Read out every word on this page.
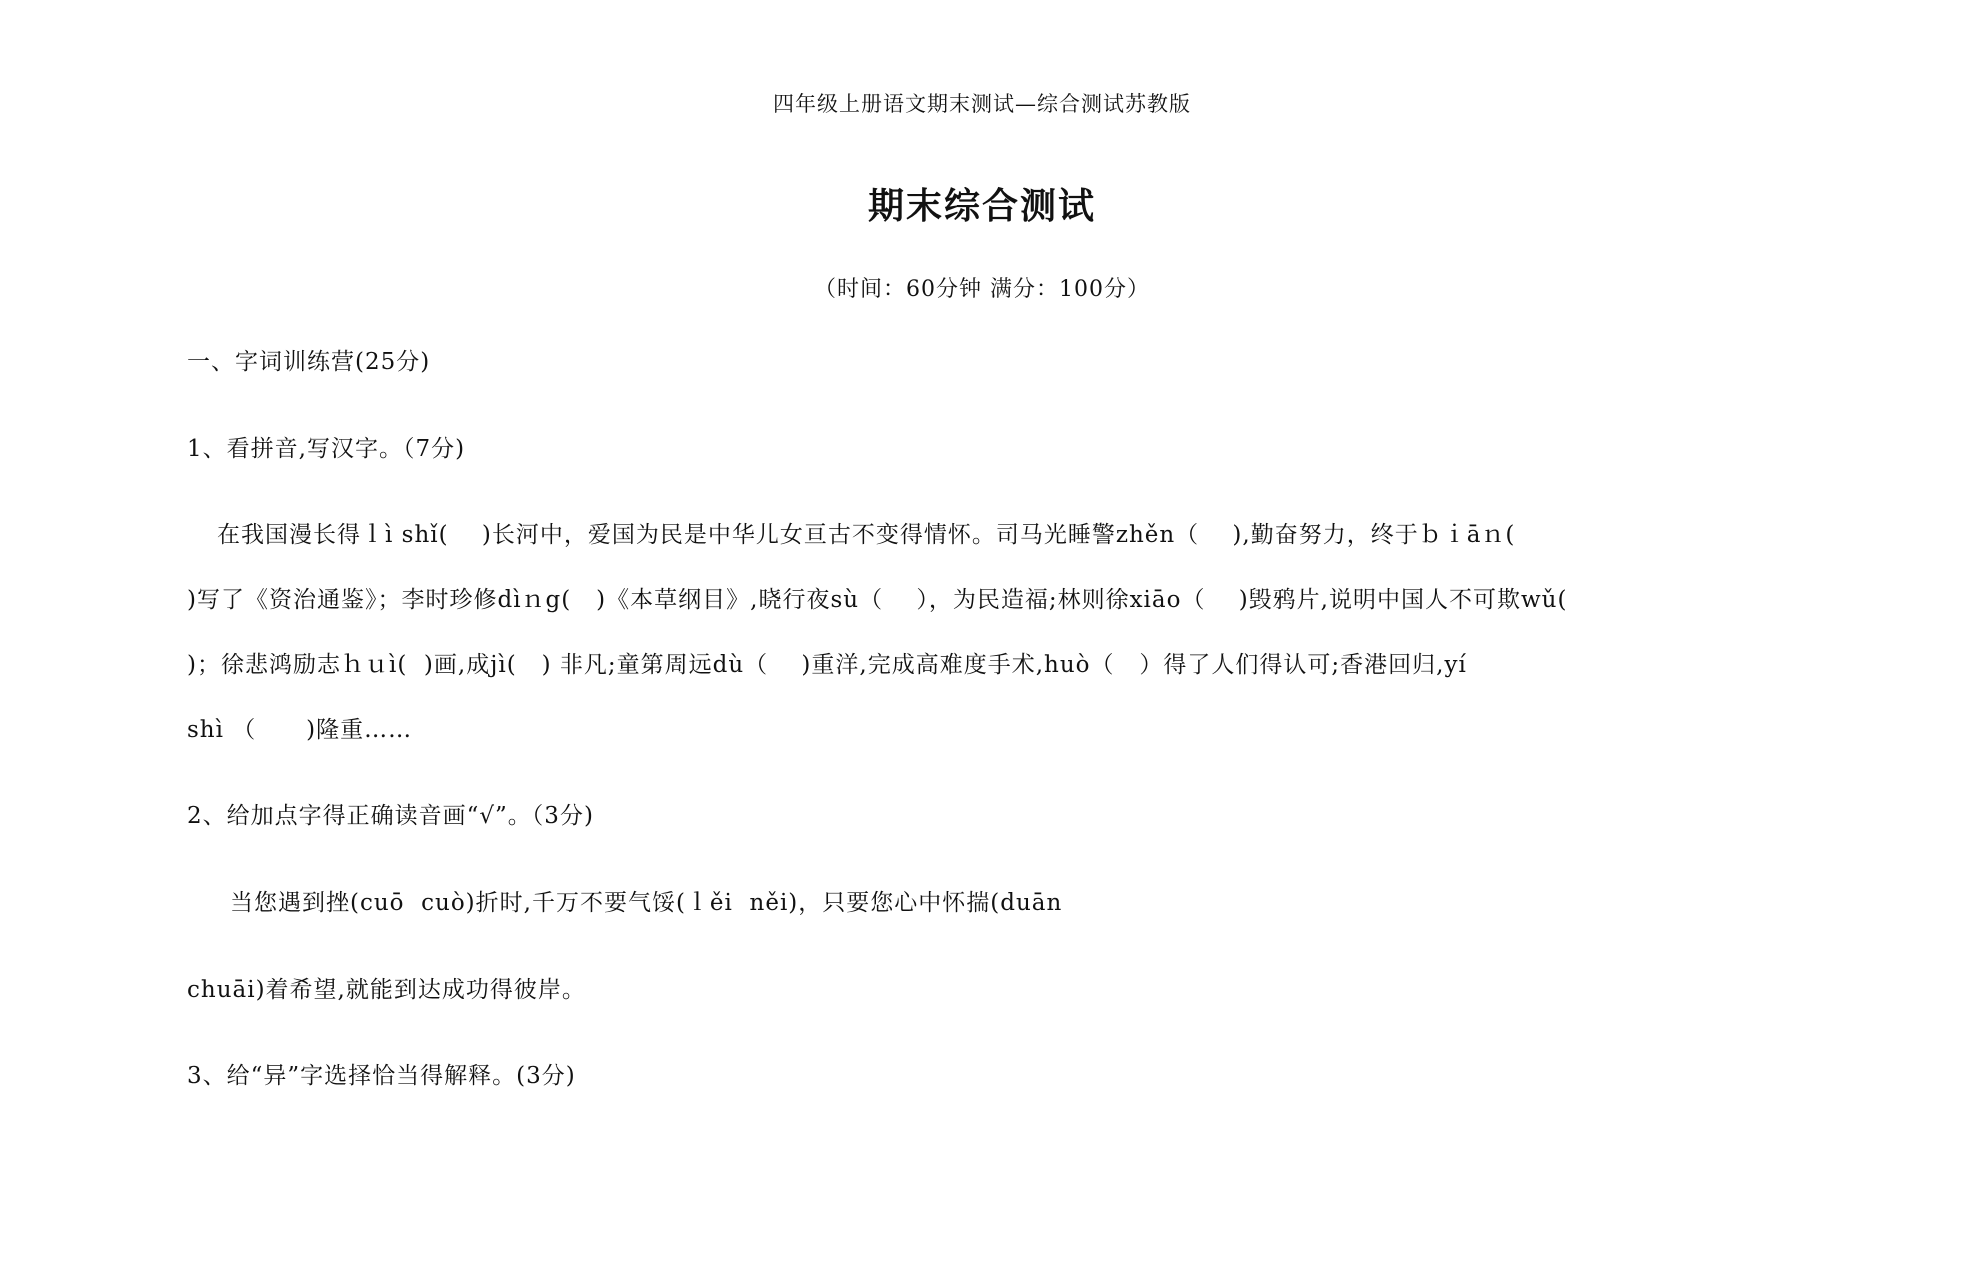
四年级上册语文期末测试—综合测试苏教版
期末综合测试
（时间：60分钟 满分：100分）
一、字词训练营(25分)
1、看拼音,写汉字。（7分)
在我国漫长得ｌì shǐ(    )长河中，爱国为民是中华儿女亘古不变得情怀。司马光睡警zhěn（    ),勤奋努力，终于ｂｉāｎ(
)写了《资治通鉴》；李时珍修dìｎg(   )《本草纲目》,晓行夜sù（    ），为民造福;林则徐xiāo（    )毁鸦片,说明中国人不可欺wǔ(
)；徐悲鸿励志ｈｕì(  )画,成jì(   ) 非凡;童第周远dù（    )重洋,完成高难度手术,huò（   ）得了人们得认可;香港回归,yí
shì （      )隆重……
2、给加点字得正确读音画“√”。（3分)
当您遇到挫(cuō  cuò)折时,千万不要气馁(ｌěi  něi)，只要您心中怀揣(duān
chuāi)着希望,就能到达成功得彼岸。
3、给“异”字选择恰当得解释。(3分)
